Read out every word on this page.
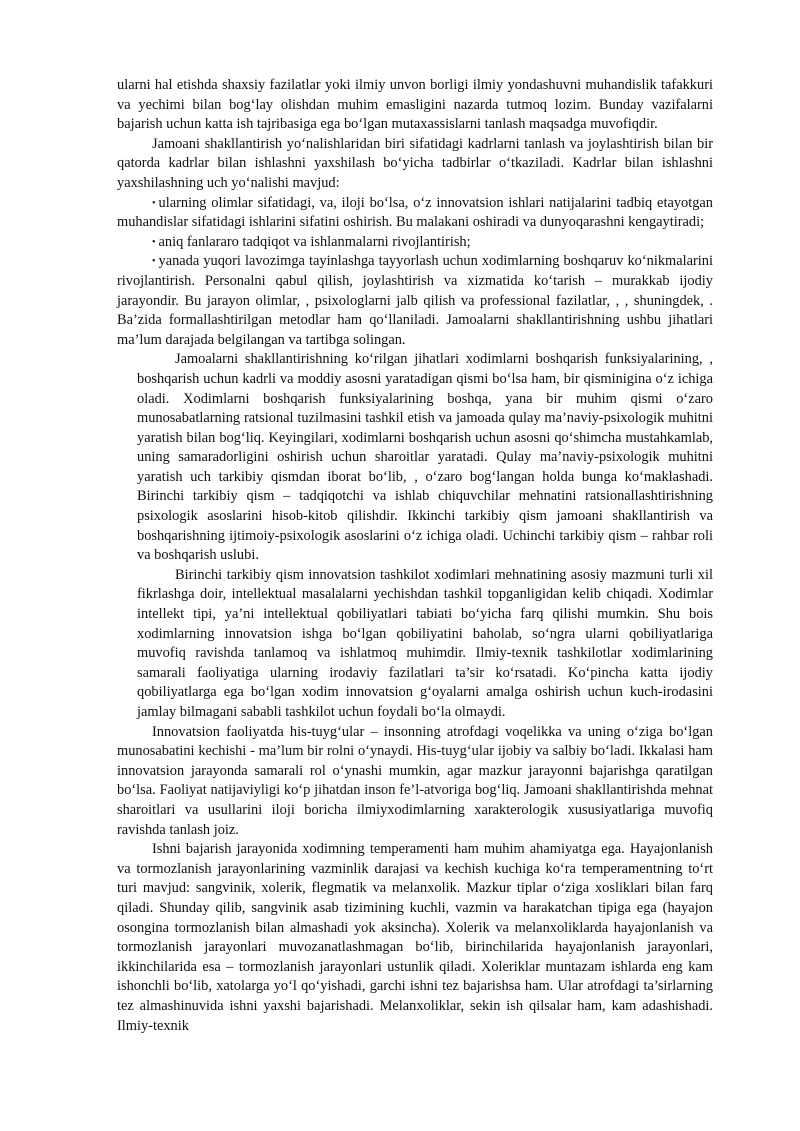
ularni hal etishda shaxsiy fazilatlar yoki ilmiy unvon borligi ilmiy yondashuvni muhandislik tafakkuri va yechimi bilan bog‘lay olishdan muhim emasligini nazarda tutmoq lozim. Bunday vazifalarni bajarish uchun katta ish tajribasiga ega bo‘lgan mutaxassislarni tanlash maqsadga muvofiqdir.

Jamoani shakllantirish yo‘nalishlaridan biri sifatidagi kadrlarni tanlash va joylashtirish bilan bir qatorda kadrlar bilan ishlashni yaxshilash bo‘yicha tadbirlar o‘tkaziladi. Kadrlar bilan ishlashni yaxshilashning uch yo‘nalishi mavjud:

• ularning olimlar sifatidagi, va, iloji bo‘lsa, o‘z innovatsion ishlari natijalarini tadbiq etayotgan muhandislar sifatidagi ishlarini sifatini oshirish. Bu malakani oshiradi va dunyoqarashni kengaytiradi;

• aniq fanlararo tadqiqot va ishlanmalarni rivojlantirish;

• yanada yuqori lavozimga tayinlashga tayyorlash uchun xodimlarning boshqaruv ko‘nikmalarini rivojlantirish. Personalni qabul qilish, joylashtirish va xizmatida ko‘tarish – murakkab ijodiy jarayondir. Bu jarayon olimlar, , psixologlarni jalb qilish va professional fazilatlar, , , shuningdek, . Ba’zida formallashtirilgan metodlar ham qo‘llaniladi. Jamoalarni shakllantirishning ushbu jihatlari ma’lum darajada belgilangan va tartibga solingan.

Jamoalarni shakllantirishning ko‘rilgan jihatlari xodimlarni boshqarish funksiyalarining, , boshqarish uchun kadrli va moddiy asosni yaratadigan qismi bo‘lsa ham, bir qisminigina o‘z ichiga oladi. Xodimlarni boshqarish funksiyalarining boshqa, yana bir muhim qismi o‘zaro munosabatlarning ratsional tuzilmasini tashkil etish va jamoada qulay ma’naviy-psixologik muhitni yaratish bilan bog‘liq. Keyingilari, xodimlarni boshqarish uchun asosni qo‘shimcha mustahkamlab, uning samaradorligini oshirish uchun sharoitlar yaratadi. Qulay ma’naviy-psixologik muhitni yaratish uch tarkibiy qismdan iborat bo‘lib, , o‘zaro bog‘langan holda bunga ko‘maklashadi. Birinchi tarkibiy qism – tadqiqotchi va ishlab chiquvchilar mehnatini ratsionallashtirishning psixologik asoslarini hisob-kitob qilishdir. Ikkinchi tarkibiy qism jamoani shakllantirish va boshqarishning ijtimoiy-psixologik asoslarini o‘z ichiga oladi. Uchinchi tarkibiy qism – rahbar roli va boshqarish uslubi.

Birinchi tarkibiy qism innovatsion tashkilot xodimlari mehnatining asosiy mazmuni turli xil fikrlashga doir, intellektual masalalarni yechishdan tashkil topganligidan kelib chiqadi. Xodimlar intellekt tipi, ya’ni intellektual qobiliyatlari tabiati bo‘yicha farq qilishi mumkin. Shu bois xodimlarning innovatsion ishga bo‘lgan qobiliyatini baholab, so‘ngra ularni qobiliyatlariga muvofiq ravishda tanlamoq va ishlatmoq muhimdir. Ilmiy-texnik tashkilotlar xodimlarining samarali faoliyatiga ularning irodaviy fazilatlari ta’sir ko‘rsatadi. Ko‘pincha katta ijodiy qobiliyatlarga ega bo‘lgan xodim innovatsion g‘oyalarni amalga oshirish uchun kuch-irodasini jamlay bilmagani sababli tashkilot uchun foydali bo‘la olmaydi.

Innovatsion faoliyatda his-tuyg‘ular – insonning atrofdagi voqelikka va uning o‘ziga bo‘lgan munosabatini kechishi - ma’lum bir rolni o‘ynaydi. His-tuyg‘ular ijobiy va salbiy bo‘ladi. Ikkalasi ham innovatsion jarayonda samarali rol o‘ynashi mumkin, agar mazkur jarayonni bajarishga qaratilgan bo‘lsa. Faoliyat natijaviyligi ko‘p jihatdan inson fe’l-atvoriga bog‘liq. Jamoani shakllantirishda mehnat sharoitlari va usullarini iloji boricha ilmiyxodimlarning xarakterologik xususiyatlariga muvofiq ravishda tanlash joiz.

Ishni bajarish jarayonida xodimning temperamenti ham muhim ahamiyatga ega. Hayajonlanish va tormozlanish jarayonlarining vazminlik darajasi va kechish kuchiga ko‘ra temperamentning to‘rt turi mavjud: sangvinik, xolerik, flegmatik va melanxolik. Mazkur tiplar o‘ziga xosliklari bilan farq qiladi. Shunday qilib, sangvinik asab tizimining kuchli, vazmin va harakatchan tipiga ega (hayajon osongina tormozlanish bilan almashadi yok aksincha). Xolerik va melanxoliklarda hayajonlanish va tormozlanish jarayonlari muvozanatlashmagan bo‘lib, birinchilarida hayajonlanish jarayonlari, ikkinchilarida esa – tormozlanish jarayonlari ustunlik qiladi. Xoleriklar muntazam ishlarda eng kam ishonchli bo‘lib, xatolarga yo‘l qo‘yishadi, garchi ishni tez bajarishsa ham. Ular atrofdagi ta’sirlarning tez almashinuvida ishni yaxshi bajarishadi. Melanxoliklar, sekin ish qilsalar ham, kam adashishadi. Ilmiy-texnik
